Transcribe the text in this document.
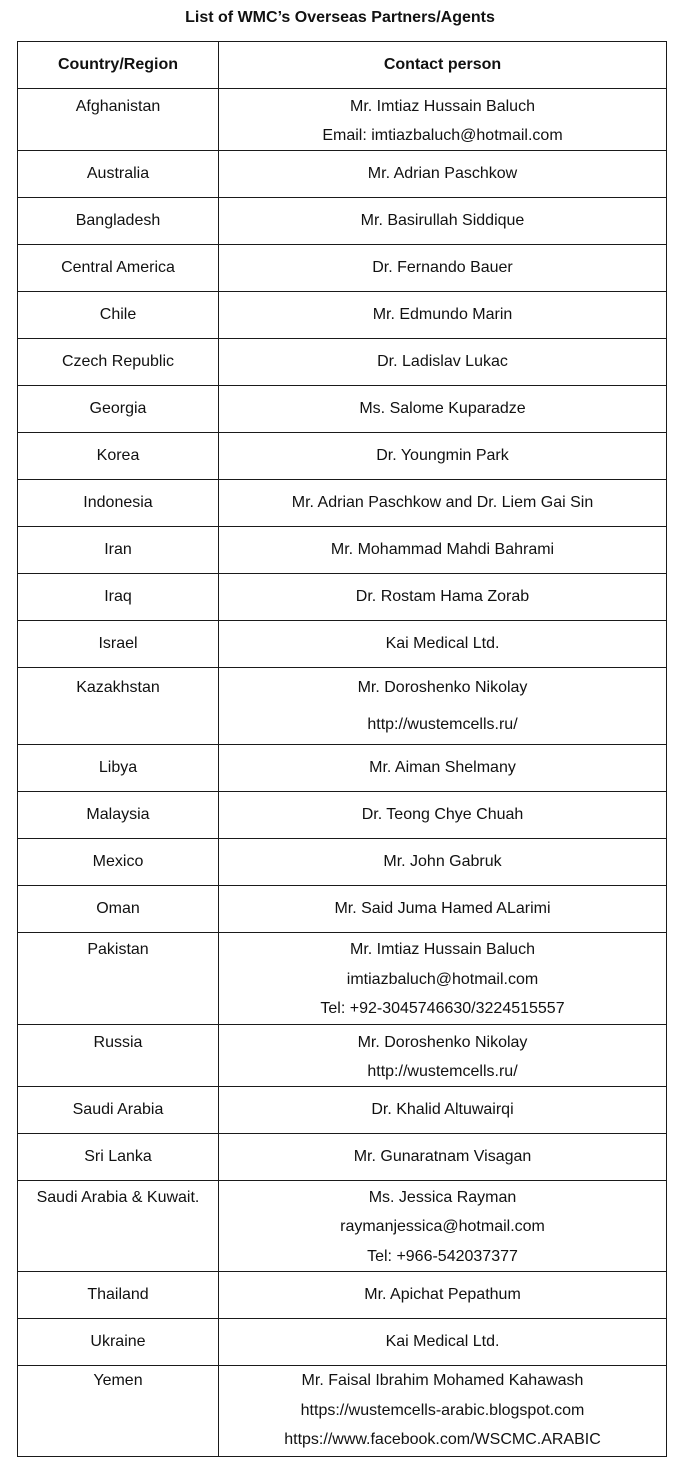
List of WMC’s Overseas Partners/Agents
Country/Region	Contact person

Afghanistan	Mr. Imtiaz Hussain Baluch
Email: imtiazbaluch@hotmail.com

Australia	Mr. Adrian Paschkow

Bangladesh	Mr. Basirullah Siddique

Central America	Dr. Fernando Bauer

Chile	Mr. Edmundo Marin

Czech Republic	Dr. Ladislav Lukac

Georgia	Ms. Salome Kuparadze

Korea	Dr. Youngmin Park

Indonesia	Mr. Adrian Paschkow and Dr. Liem Gai Sin

Iran	Mr. Mohammad Mahdi Bahrami

Iraq	Dr. Rostam Hama Zorab

Israel	Kai Medical Ltd.

Kazakhstan	Mr. Doroshenko Nikolay
http://wustemcells.ru/

Libya	Mr. Aiman Shelmany

Malaysia	Dr. Teong Chye Chuah

Mexico	Mr. John Gabruk

Oman	Mr. Said Juma Hamed ALarimi

Pakistan	Mr. Imtiaz Hussain Baluch
imtiazbaluch@hotmail.com
Tel: +92-3045746630/3224515557

Russia	Mr. Doroshenko Nikolay
http://wustemcells.ru/

Saudi Arabia	Dr. Khalid Altuwairqi

Sri Lanka	Mr. Gunaratnam Visagan

Saudi Arabia & Kuwait.	Ms. Jessica Rayman
raymanjessica@hotmail.com
Tel: +966-542037377

Thailand	Mr. Apichat Pepathum

Ukraine	Kai Medical Ltd.

Yemen	Mr. Faisal Ibrahim Mohamed Kahawash
https://wustemcells-arabic.blogspot.com
https://www.facebook.com/WSCMC.ARABIC
